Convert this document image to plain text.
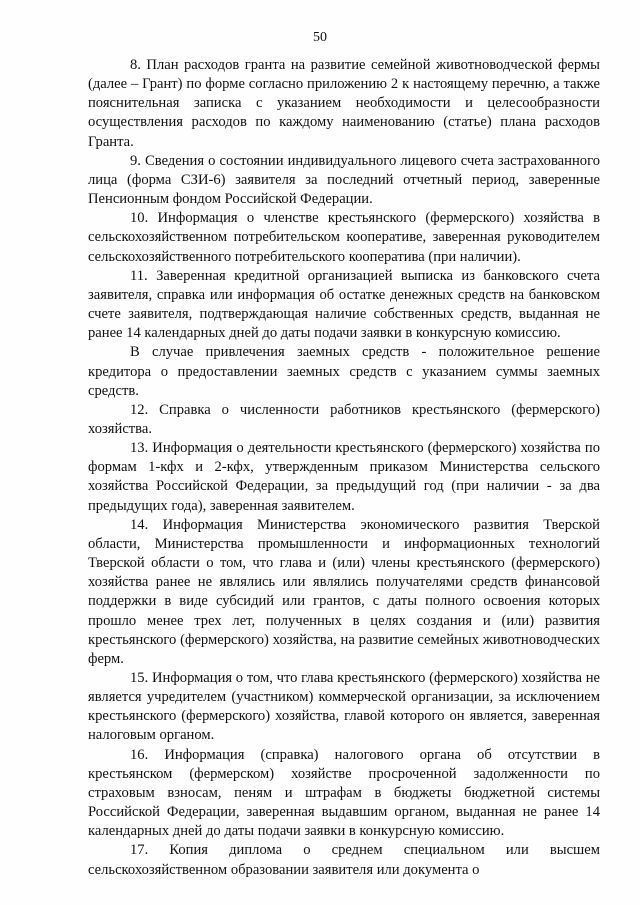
50

8. План расходов гранта на развитие семейной животноводческой фермы (далее – Грант) по форме согласно приложению 2 к настоящему перечню, а также пояснительная записка с указанием необходимости и целесообразности осуществления расходов по каждому наименованию (статье) плана расходов Гранта.

9. Сведения о состоянии индивидуального лицевого счета застрахованного лица (форма СЗИ-6) заявителя за последний отчетный период, заверенные Пенсионным фондом Российской Федерации.

10. Информация о членстве крестьянского (фермерского) хозяйства в сельскохозяйственном потребительском кооперативе, заверенная руководителем сельскохозяйственного потребительского кооператива (при наличии).

11. Заверенная кредитной организацией выписка из банковского счета заявителя, справка или информация об остатке денежных средств на банковском счете заявителя, подтверждающая наличие собственных средств, выданная не ранее 14 календарных дней до даты подачи заявки в конкурсную комиссию.

В случае привлечения заемных средств - положительное решение кредитора о предоставлении заемных средств с указанием суммы заемных средств.

12. Справка о численности работников крестьянского (фермерского) хозяйства.

13. Информация о деятельности крестьянского (фермерского) хозяйства по формам 1-кфх и 2-кфх, утвержденным приказом Министерства сельского хозяйства Российской Федерации, за предыдущий год (при наличии - за два предыдущих года), заверенная заявителем.

14. Информация Министерства экономического развития Тверской области, Министерства промышленности и информационных технологий Тверской области о том, что глава и (или) члены крестьянского (фермерского) хозяйства ранее не являлись или являлись получателями средств финансовой поддержки в виде субсидий или грантов, с даты полного освоения которых прошло менее трех лет, полученных в целях создания и (или) развития крестьянского (фермерского) хозяйства, на развитие семейных животноводческих ферм.

15. Информация о том, что глава крестьянского (фермерского) хозяйства не является учредителем (участником) коммерческой организации, за исключением крестьянского (фермерского) хозяйства, главой которого он является, заверенная налоговым органом.

16. Информация (справка) налогового органа об отсутствии в крестьянском (фермерском) хозяйстве просроченной задолженности по страховым взносам, пеням и штрафам в бюджеты бюджетной системы Российской Федерации, заверенная выдавшим органом, выданная не ранее 14 календарных дней до даты подачи заявки в конкурсную комиссию.

17. Копия диплома о среднем специальном или высшем сельскохозяйственном образовании заявителя или документа о
